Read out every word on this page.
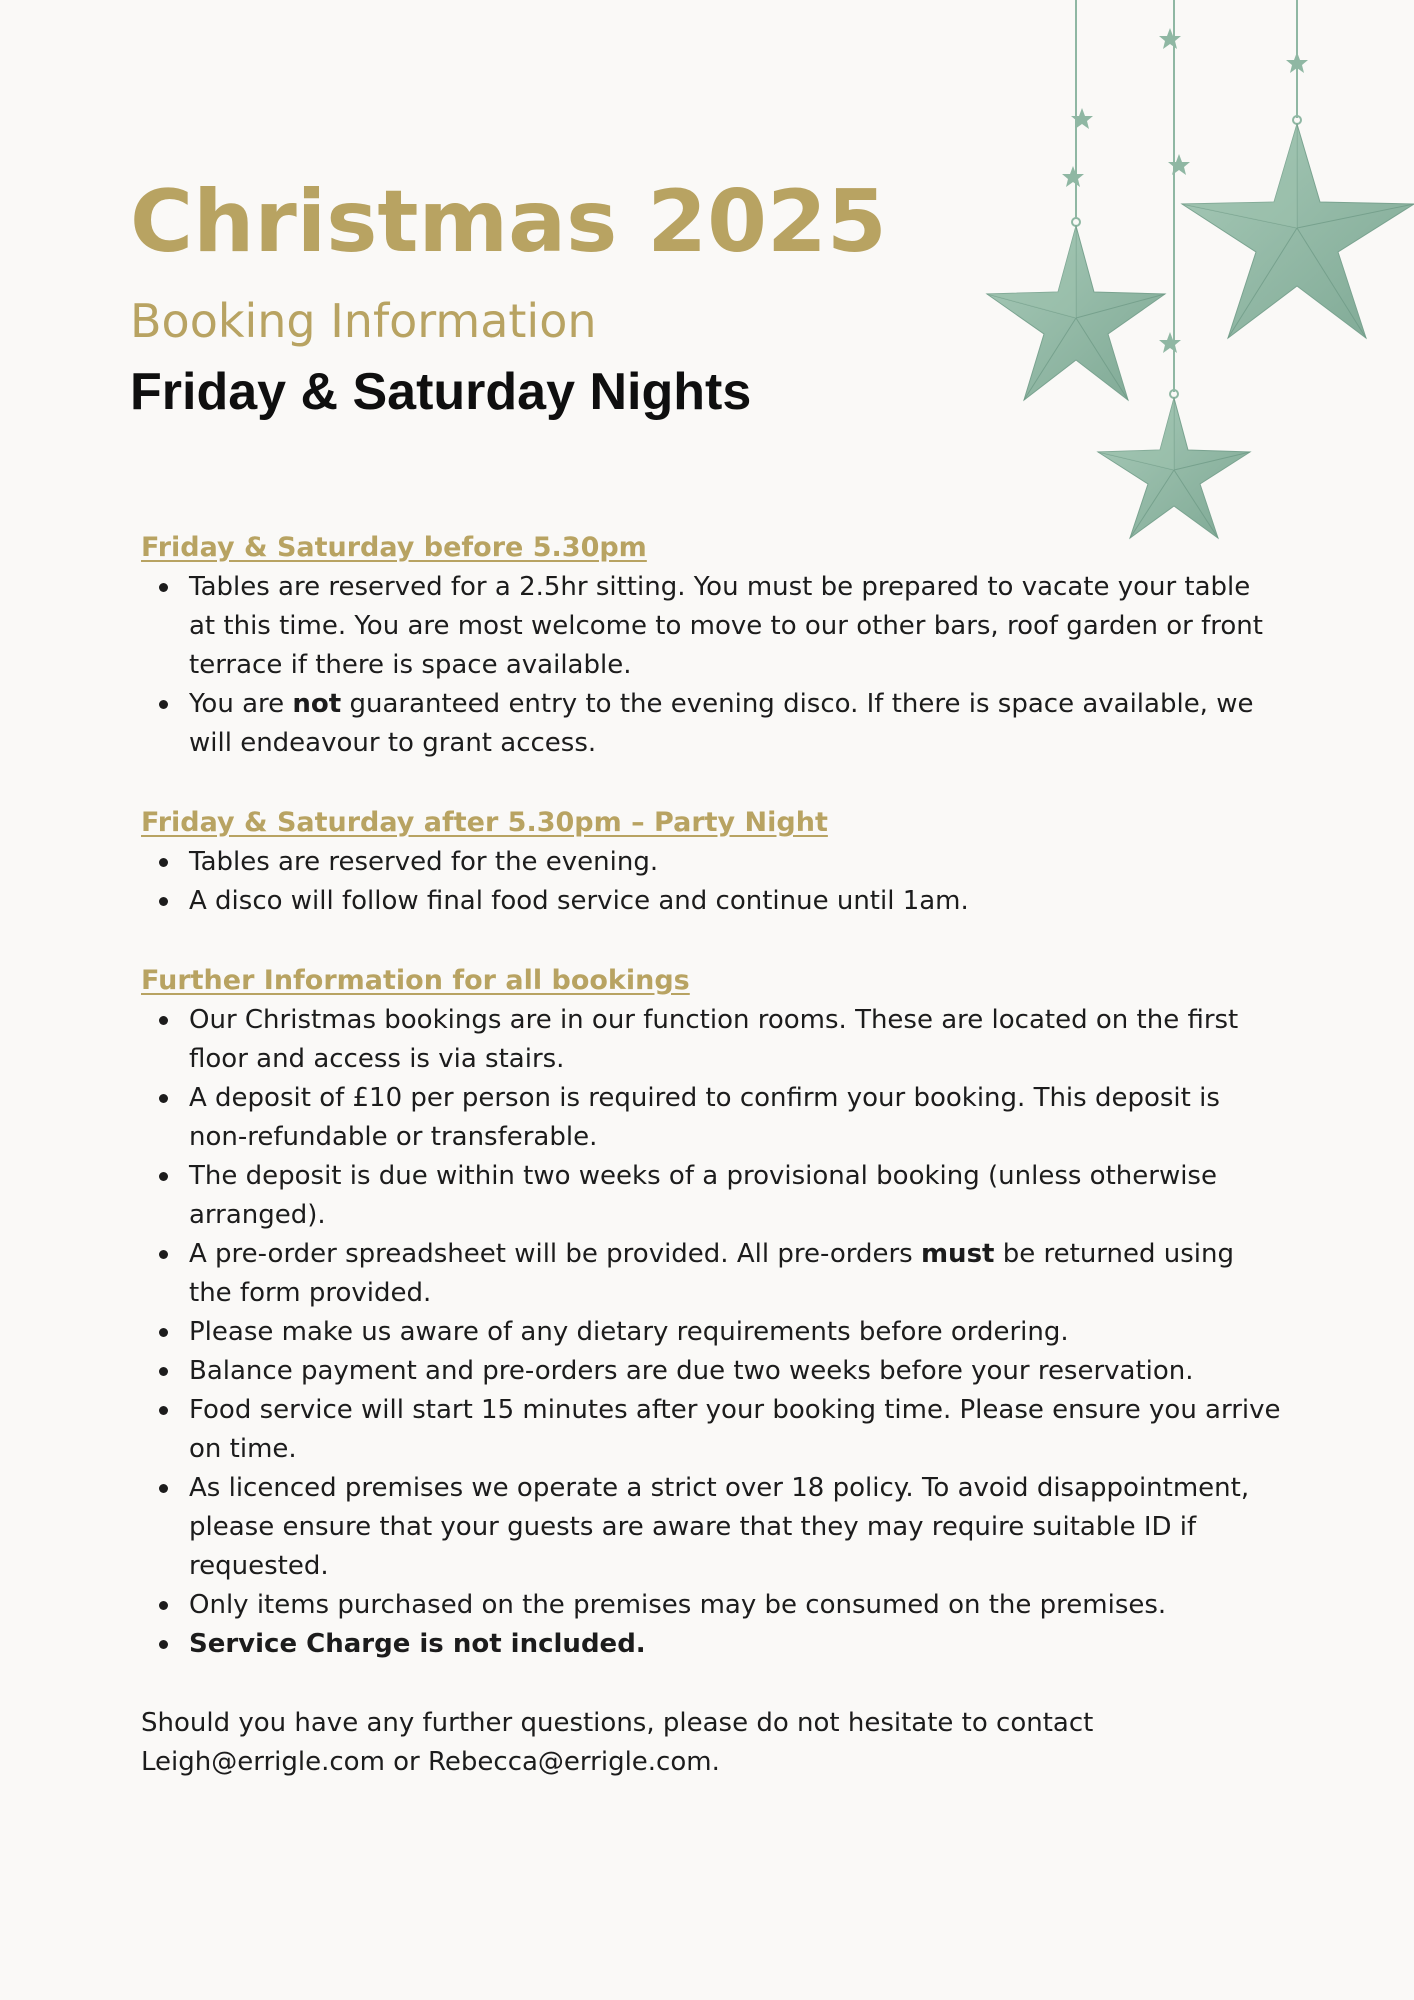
Christmas 2025
Booking Information
Friday & Saturday Nights

Friday & Saturday before 5.30pm

Tables are reserved for a 2.5hr sitting. You must be prepared to vacate your table at this time. You are most welcome to move to our other bars, roof garden or front terrace if there is space available.
You are not guaranteed entry to the evening disco. If there is space available, we will endeavour to grant access.

Friday & Saturday after 5.30pm – Party Night

Tables are reserved for the evening.
A disco will follow final food service and continue until 1am.

Further Information for all bookings

Our Christmas bookings are in our function rooms. These are located on the first floor and access is via stairs.
A deposit of £10 per person is required to confirm your booking. This deposit is non-refundable or transferable.
The deposit is due within two weeks of a provisional booking (unless otherwise arranged).
A pre-order spreadsheet will be provided. All pre-orders must be returned using the form provided.
Please make us aware of any dietary requirements before ordering.
Balance payment and pre-orders are due two weeks before your reservation.
Food service will start 15 minutes after your booking time. Please ensure you arrive on time.
As licenced premises we operate a strict over 18 policy. To avoid disappointment, please ensure that your guests are aware that they may require suitable ID if requested.
Only items purchased on the premises may be consumed on the premises.
Service Charge is not included.

Should you have any further questions, please do not hesitate to contact Leigh@errigle.com or Rebecca@errigle.com.
